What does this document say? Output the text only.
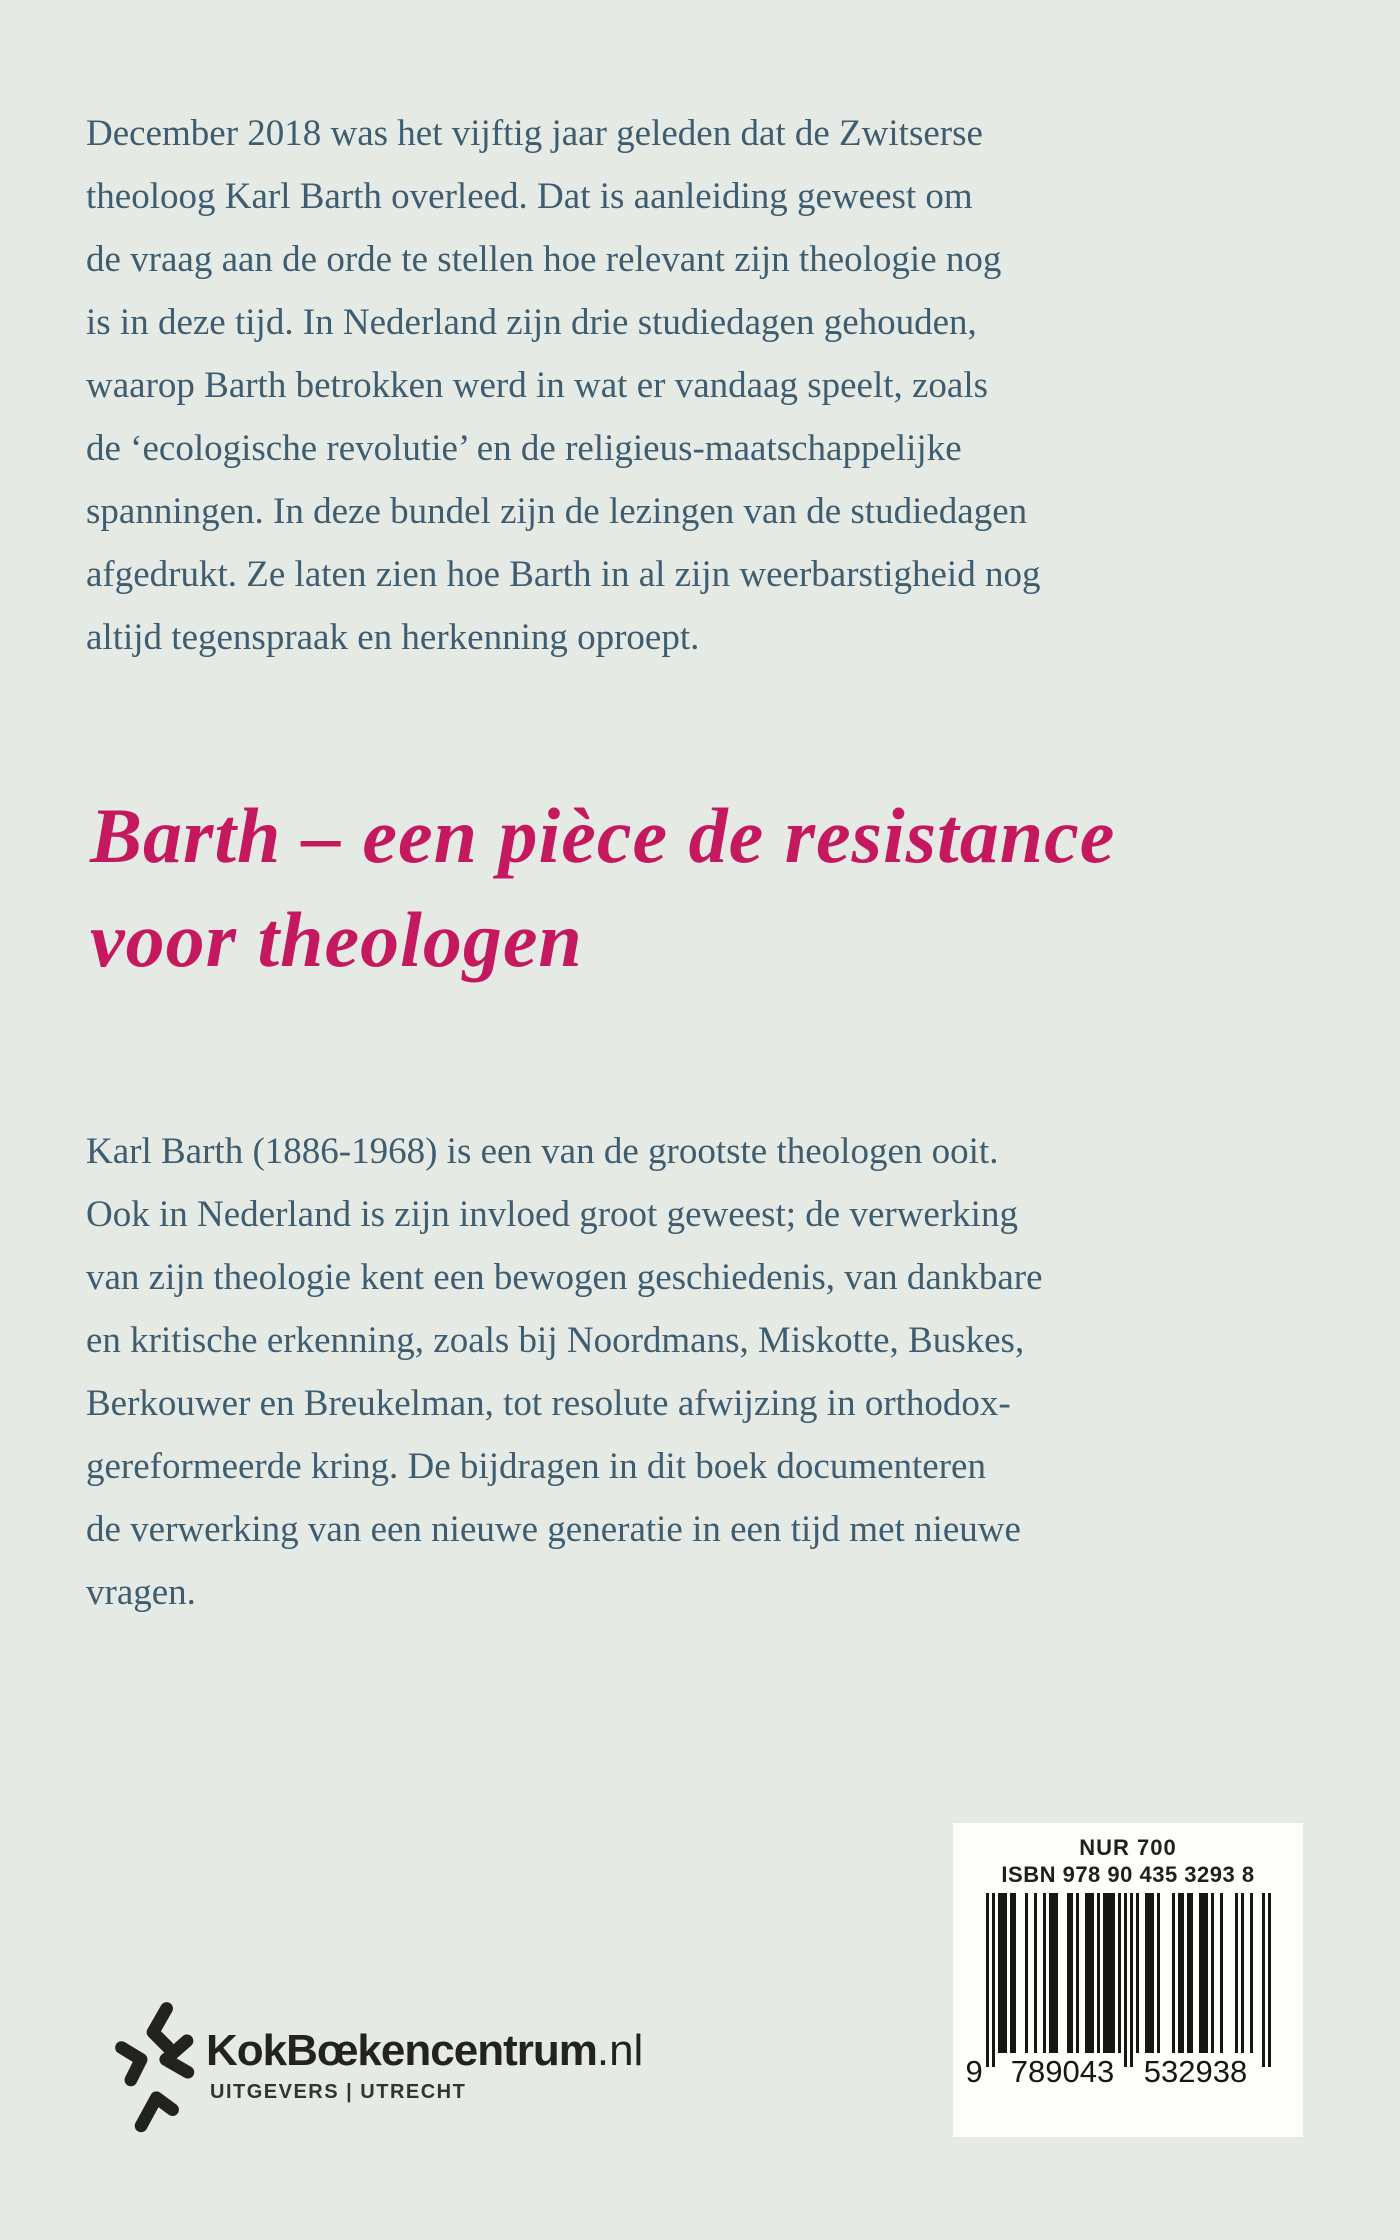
December 2018 was het vijftig jaar geleden dat de Zwitserse
theoloog Karl Barth overleed. Dat is aanleiding geweest om
de vraag aan de orde te stellen hoe relevant zijn theologie nog
is in deze tijd. In Nederland zijn drie studiedagen gehouden,
waarop Barth betrokken werd in wat er vandaag speelt, zoals
de ‘ecologische revolutie’ en de religieus-maatschappelijke
spanningen. In deze bundel zijn de lezingen van de studiedagen
afgedrukt. Ze laten zien hoe Barth in al zijn weerbarstigheid nog
altijd tegenspraak en herkenning oproept.
Barth – een pièce de resistance
voor theologen
Karl Barth (1886-1968) is een van de grootste theologen ooit.
Ook in Nederland is zijn invloed groot geweest; de verwerking
van zijn theologie kent een bewogen geschiedenis, van dankbare
en kritische erkenning, zoals bij Noordmans, Miskotte, Buskes,
Berkouwer en Breukelman, tot resolute afwijzing in orthodox-
gereformeerde kring. De bijdragen in dit boek documenteren
de verwerking van een nieuwe generatie in een tijd met nieuwe
vragen.
NUR 700
ISBN 978 90 435 3293 8
9 789043 532938
KokBœkencentrum.nl
UITGEVERS | UTRECHT
